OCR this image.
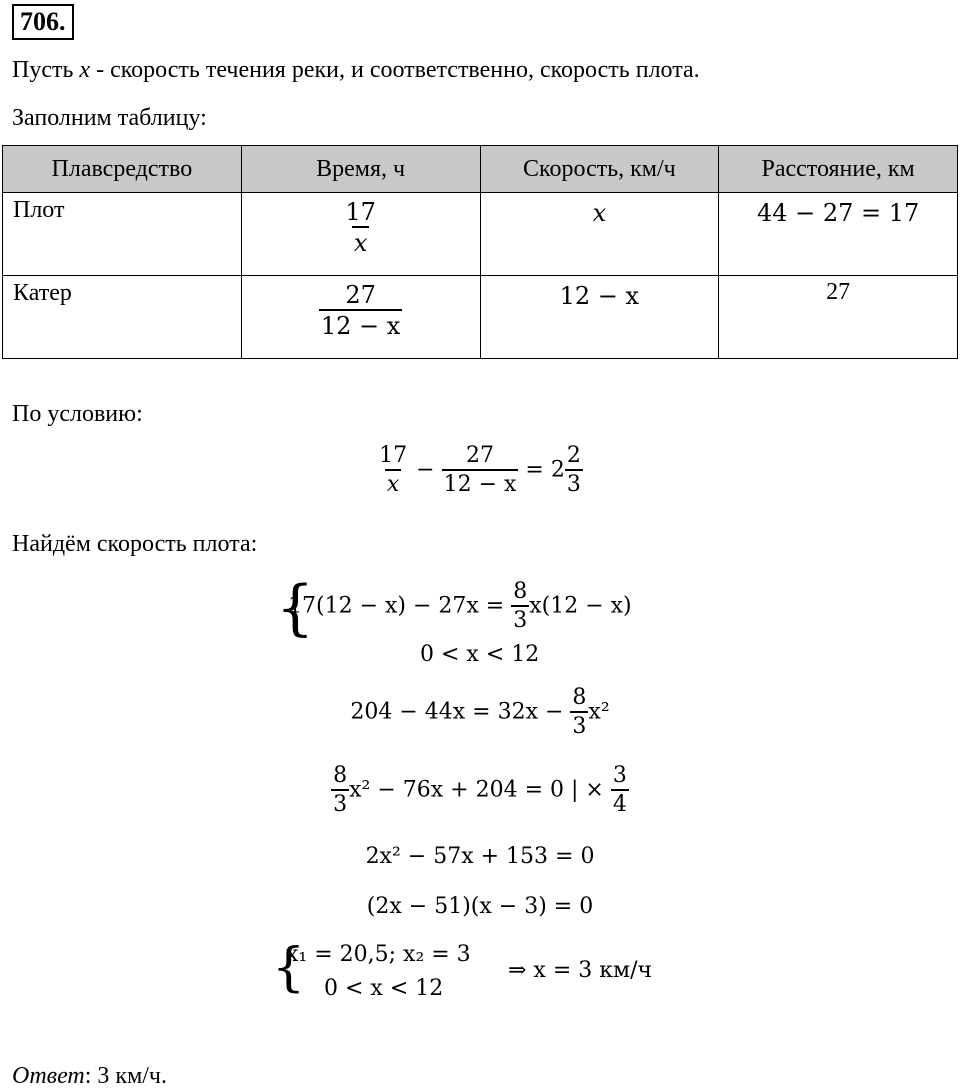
706.
Пусть x - скорость течения реки, и соответственно, скорость плота.
Заполним таблицу:
Плавсредство	Время, ч	Скорость, км/ч	Расстояние, км
Плот	$\frac{17}{x}$	x	44 − 27 = 17
Катер	$\frac{27}{12 - x}$	12 − x	27
По условию:
$\frac{17}{x} - \frac{27}{12 - x} = 2 \frac{2}{3}$
Найдём скорость плота:
{
$17(12 - x) - 27x = \frac{8}{3} x(12 - x)$
0 < x < 12
$204 - 44x = 32x - \frac{8}{3} x^2$
$\frac{8}{3} x^2 - 76x + 204 = 0$ | × $\frac{3}{4}$
2x² − 57x + 153 = 0
(2x − 51)(x − 3) = 0
{
x₁ = 20,5; x₂ = 3
0 < x < 12
⇒ x = 3 км/ч
Ответ: 3 км/ч.
